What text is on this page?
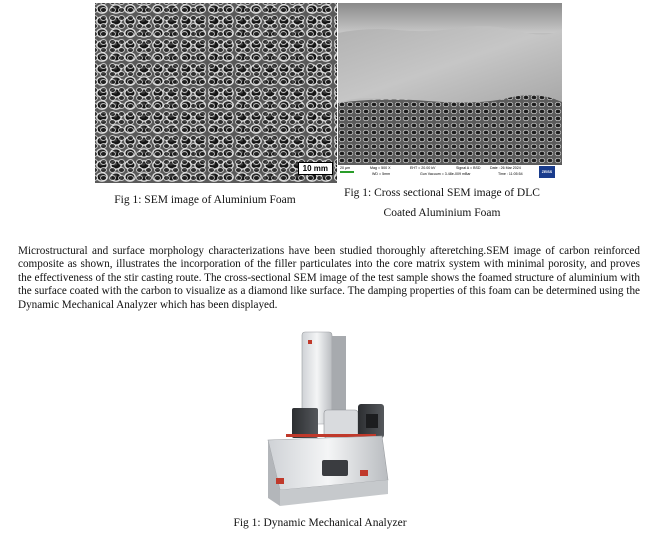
10 mm	20 µm	Mag = 500 X
WD = 5mm
EHT = 20.00 kV
Gun Vacuum = 3.48e-009 mBar
Signal A = BSD	Date : 26 Mar 2024
Time : 11:05:54	ZEISS
Fig 1: SEM image of Aluminium Foam
Fig 1: Cross sectional SEM image of DLC
Coated Aluminium Foam
Microstructural and surface morphology characterizations have been studied thoroughly afteretching.SEM image of carbon reinforced composite as shown, illustrates the incorporation of the filler particulates into the core matrix system with minimal porosity, and proves the effectiveness of the stir casting route. The cross-sectional SEM image of the test sample shows the foamed structure of aluminium with the surface coated with the carbon to visualize as a diamond like surface. The damping properties of this foam can be determined using the Dynamic Mechanical Analyzer which has been displayed.
Fig 1: Dynamic Mechanical Analyzer
